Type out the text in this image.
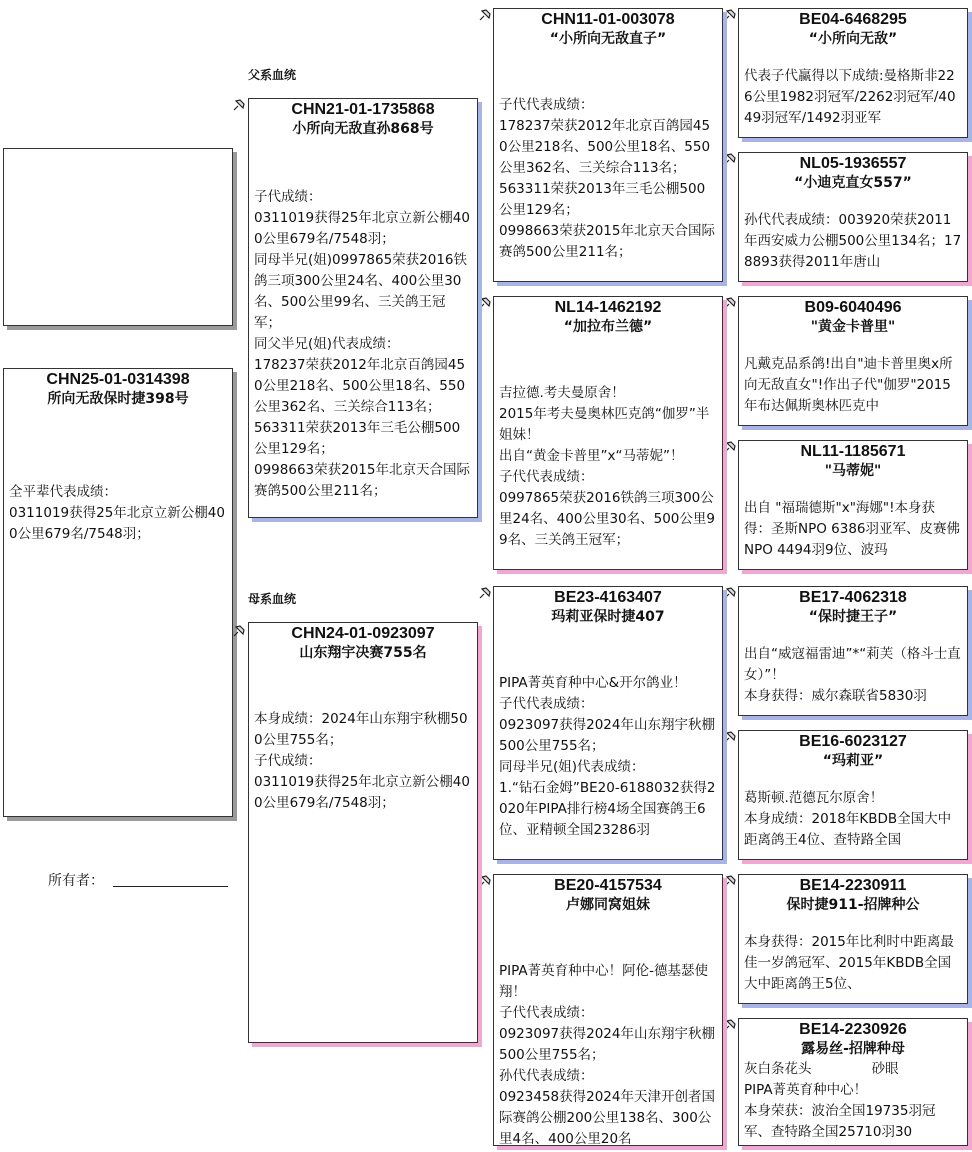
CHN25-01-0314398
所向无敌保时捷398号
全平辈代表成绩：
0311019获得25年北京立新公棚400公里679名/7548羽；
所有者：
父系血统
母系血统
CHN21-01-1735868
小所向无敌直孙868号
子代成绩：
0311019获得25年北京立新公棚400公里679名/7548羽；
同母半兄(姐)0997865荣获2016铁鸽三项300公里24名、400公里30名、500公里99名、三关鸽王冠军；
同父半兄(姐)代表成绩：
178237荣获2012年北京百鸽园450公里218名、500公里18名、550公里362名、三关综合113名；
563311荣获2013年三毛公棚500公里129名；
0998663荣获2015年北京天合国际赛鸽500公里211名；
CHN24-01-0923097
山东翔宇决赛755名
本身成绩：2024年山东翔宇秋棚500公里755名；
子代成绩：
0311019获得25年北京立新公棚400公里679名/7548羽；
CHN11-01-003078
“小所向无敌直子”
子代代表成绩：
178237荣获2012年北京百鸽园450公里218名、500公里18名、550公里362名、三关综合113名；
563311荣获2013年三毛公棚500公里129名；
0998663荣获2015年北京天合国际赛鸽500公里211名；
NL14-1462192
“加拉布兰德”
吉拉德.考夫曼原舍！
2015年考夫曼奥林匹克鸽“伽罗”半姐妹！
出自“黄金卡普里”x“马蒂妮”！
子代代表成绩：
0997865荣获2016铁鸽三项300公里24名、400公里30名、500公里99名、三关鸽王冠军；
BE23-4163407
玛莉亚保时捷407
PIPA菁英育种中心&开尔鸽业！
子代代表成绩：
0923097获得2024年山东翔宇秋棚500公里755名；
同母半兄(姐)代表成绩：
1.“钻石金姆”BE20-6188032获得2020年PIPA排行榜4场全国赛鸽王6位、亚精顿全国23286羽
BE20-4157534
卢娜同窝姐妹
PIPA菁英育种中心！阿伦-德基瑟使翔！
子代代表成绩：
0923097获得2024年山东翔宇秋棚500公里755名；
孙代代表成绩：
0923458获得2024年天津开创者国际赛鸽公棚200公里138名、300公里4名、400公里20名
BE04-6468295
“小所向无敌”
代表子代赢得以下成绩:曼格斯非226公里1982羽冠军/2262羽冠军/4049羽冠军/1492羽亚军
NL05-1936557
“小迪克直女557”
孙代代表成绩：003920荣获2011年西安威力公棚500公里134名；178893获得2011年唐山
B09-6040496
"黄金卡普里"
凡戴克品系鸽!出自"迪卡普里奥x所向无敌直女"!作出子代"伽罗"2015年布达佩斯奥林匹克中
NL11-1185671
"马蒂妮"
出自 "福瑞德斯"x"海娜"!本身获得：圣斯NPO 6386羽亚军、皮赛佛NPO 4494羽9位、波玛
BE17-4062318
“保时捷王子”
出自“威寇福雷迪”*“莉芙（格斗士直女）”！
本身获得：威尔森联省5830羽
BE16-6023127
“玛莉亚”
葛斯顿.范德瓦尔原舍！
本身成绩：2018年KBDB全国大中距离鸽王4位、查特路全国
BE14-2230911
保时捷911-招牌种公
本身获得：2015年比利时中距离最佳一岁鸽冠军、2015年KBDB全国大中距离鸽王5位、
BE14-2230926
露易丝-招牌种母
灰白条花头              砂眼
PIPA菁英育种中心！
本身荣获：波治全国19735羽冠军、查特路全国25710羽30
